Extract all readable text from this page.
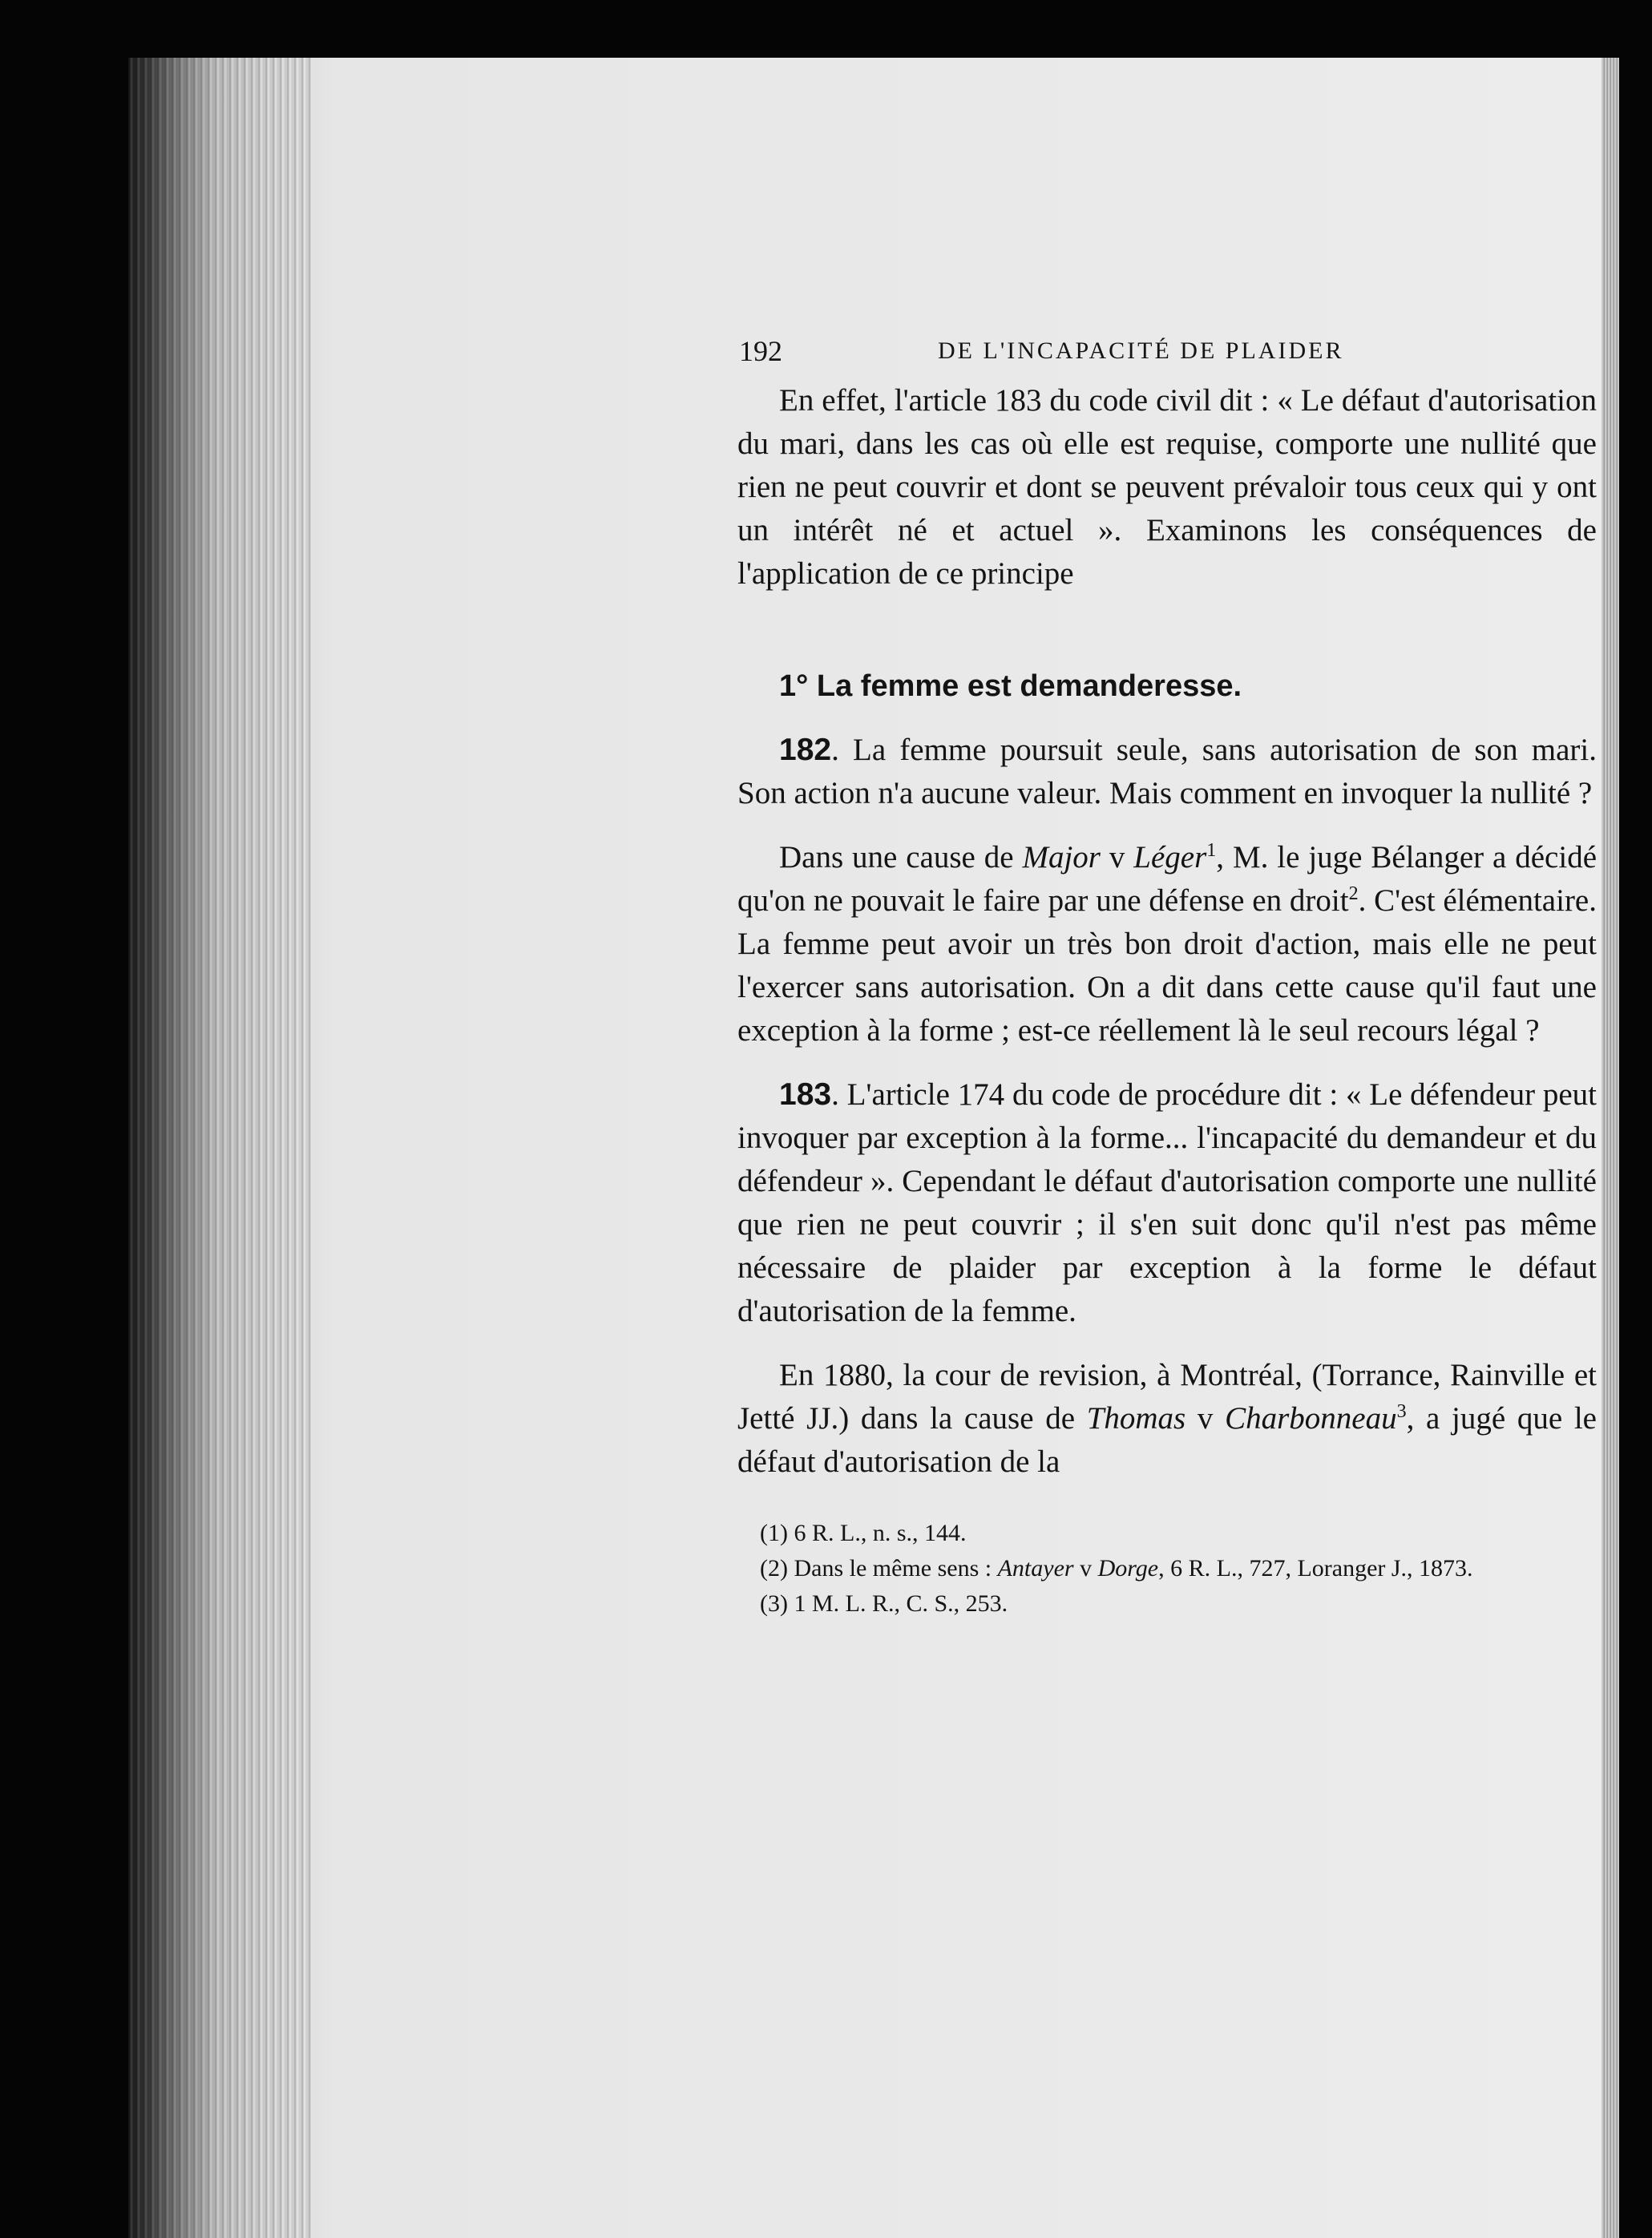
192	DE L'INCAPACITÉ DE PLAIDER

En effet, l'article 183 du code civil dit : « Le défaut d'autorisation du mari, dans les cas où elle est requise, comporte une nullité que rien ne peut couvrir et dont se peuvent prévaloir tous ceux qui y ont un intérêt né et actuel ». Examinons les conséquences de l'application de ce principe

1° La femme est demanderesse.

182. La femme poursuit seule, sans autorisation de son mari. Son action n'a aucune valeur. Mais comment en invoquer la nullité ?

Dans une cause de Major v Léger$^1$, M. le juge Bélanger a décidé qu'on ne pouvait le faire par une défense en droit$^2$. C'est élémentaire. La femme peut avoir un très bon droit d'action, mais elle ne peut l'exercer sans autorisation. On a dit dans cette cause qu'il faut une exception à la forme ; est-ce réellement là le seul recours légal ?

183. L'article 174 du code de procédure dit : « Le défendeur peut invoquer par exception à la forme... l'incapacité du demandeur et du défendeur ». Cependant le défaut d'autorisation comporte une nullité que rien ne peut couvrir ; il s'en suit donc qu'il n'est pas même nécessaire de plaider par exception à la forme le défaut d'autorisation de la femme.

En 1880, la cour de revision, à Montréal, (Torrance, Rainville et Jetté JJ.) dans la cause de Thomas v Charbonneau$^3$, a jugé que le défaut d'autorisation de la

(1) 6 R. L., n. s., 144.

(2) Dans le même sens : Antayer v Dorge, 6 R. L., 727, Loranger J., 1873.

(3) 1 M. L. R., C. S., 253.
